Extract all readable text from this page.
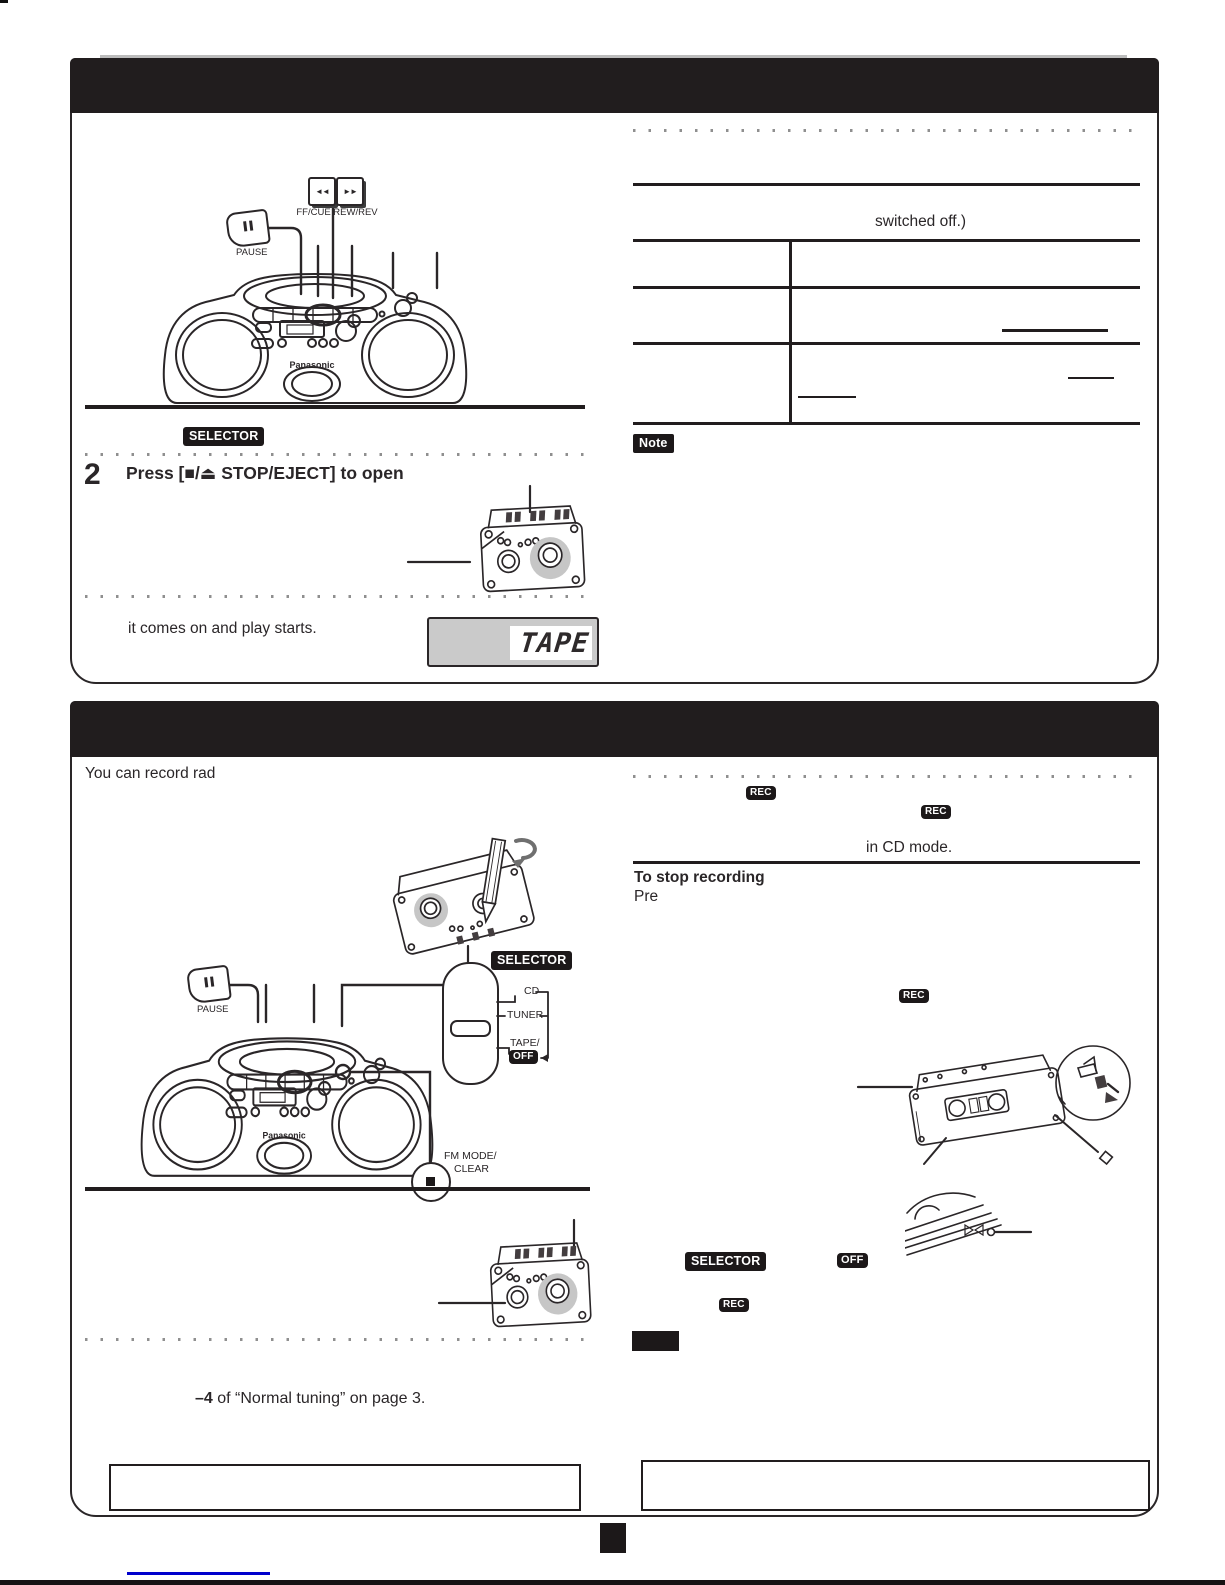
◄◄ ►►
FF/CUE REW/REV
PAUSE
SELECTOR
2 Press [■/⏏ STOP/EJECT] to open
it comes on and play starts.	TAPE
switched off.)
Note
You can record rad
PAUSE
SELECTOR
CD
TUNER
TAPE/
OFF
FM MODE/
CLEAR
–4 of “Normal tuning” on page 3.
REC
REC
in CD mode.
To stop recording
Pre
REC
SELECTOR	OFF
REC
